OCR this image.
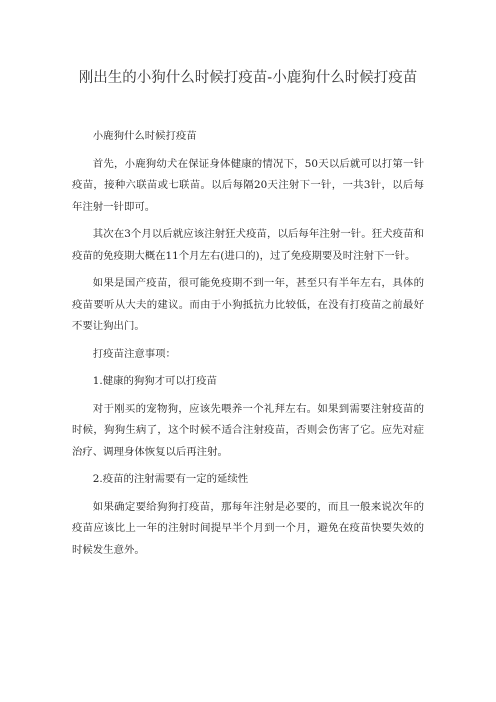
刚出生的小狗什么时候打疫苗-小鹿狗什么时候打疫苗

小鹿狗什么时候打疫苗

首先，小鹿狗幼犬在保证身体健康的情况下，50天以后就可以打第一针疫苗，接种六联苗或七联苗。以后每隔20天注射下一针，一共3针，以后每年注射一针即可。

其次在3个月以后就应该注射狂犬疫苗，以后每年注射一针。狂犬疫苗和疫苗的免疫期大概在11个月左右(进口的)，过了免疫期要及时注射下一针。

如果是国产疫苗，很可能免疫期不到一年，甚至只有半年左右，具体的疫苗要听从大夫的建议。而由于小狗抵抗力比较低，在没有打疫苗之前最好不要让狗出门。

打疫苗注意事项：

1.健康的狗狗才可以打疫苗

对于刚买的宠物狗，应该先喂养一个礼拜左右。如果到需要注射疫苗的时候，狗狗生病了，这个时候不适合注射疫苗，否则会伤害了它。应先对症治疗、调理身体恢复以后再注射。

2.疫苗的注射需要有一定的延续性

如果确定要给狗狗打疫苗，那每年注射是必要的，而且一般来说次年的疫苗应该比上一年的注射时间提早半个月到一个月，避免在疫苗快要失效的时候发生意外。
